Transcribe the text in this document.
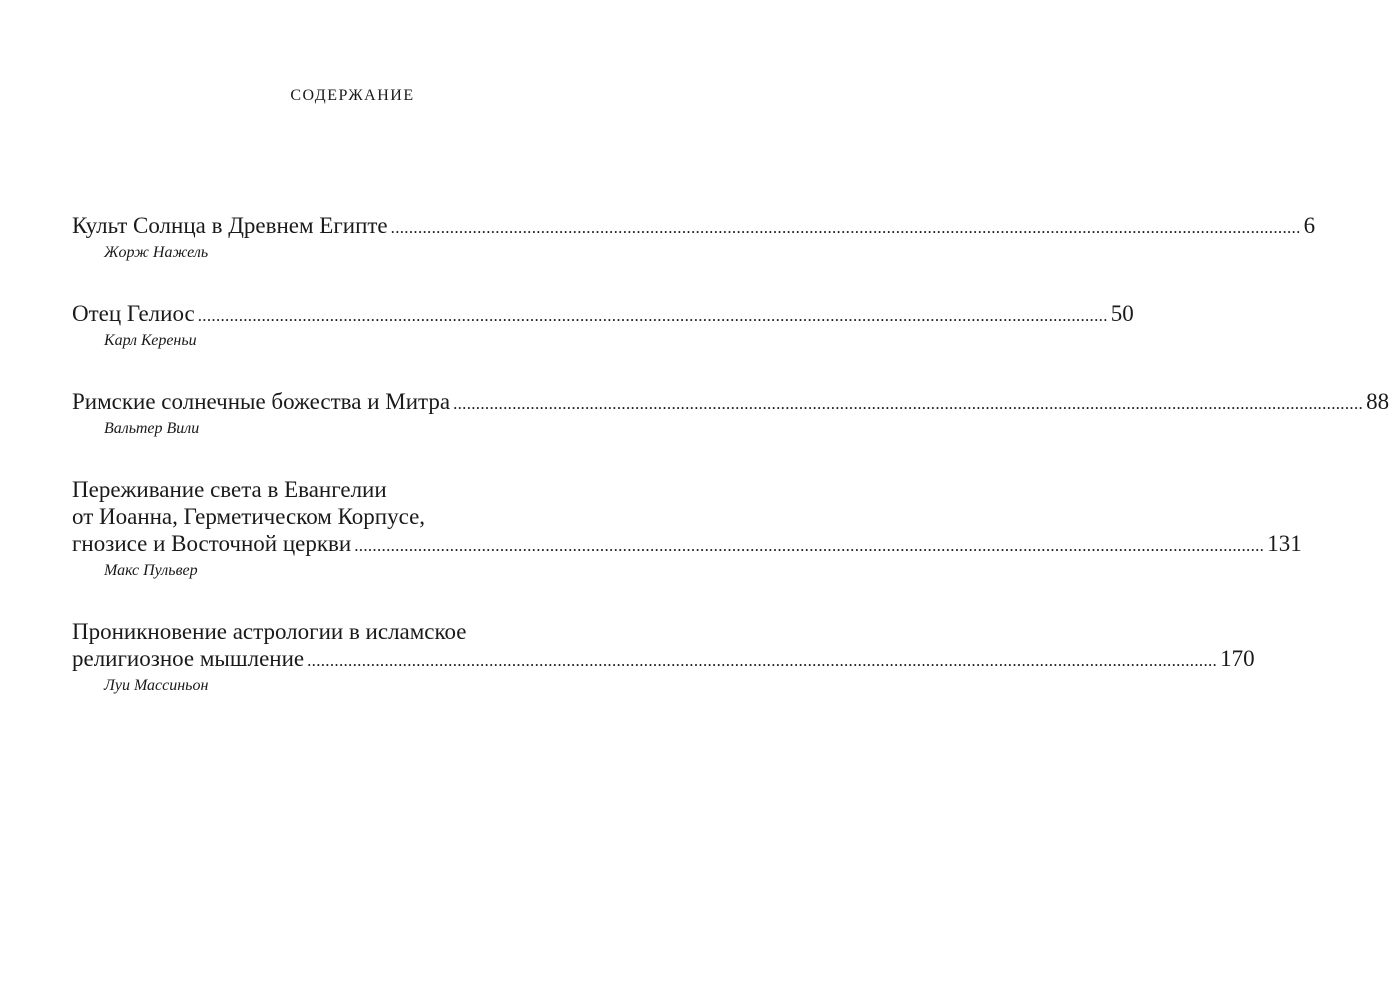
содержание
Культ Солнца в Древнем Египте ........................................................................................................................................................................................................ 6
Жорж Нажель
Отец Гелиос ........................................................................................................................................................................................................ 50
Карл Кереньи
Римские солнечные божества и Митра ........................................................................................................................................................................................................ 88
Вальтер Вили
Переживание света в Евангелии
от Иоанна, Герметическом Корпусе,
гнозисе и Восточной церкви ........................................................................................................................................................................................................ 131
Макс Пульвер
Проникновение астрологии в исламское
религиозное мышление ........................................................................................................................................................................................................ 170
Луи Массиньон
